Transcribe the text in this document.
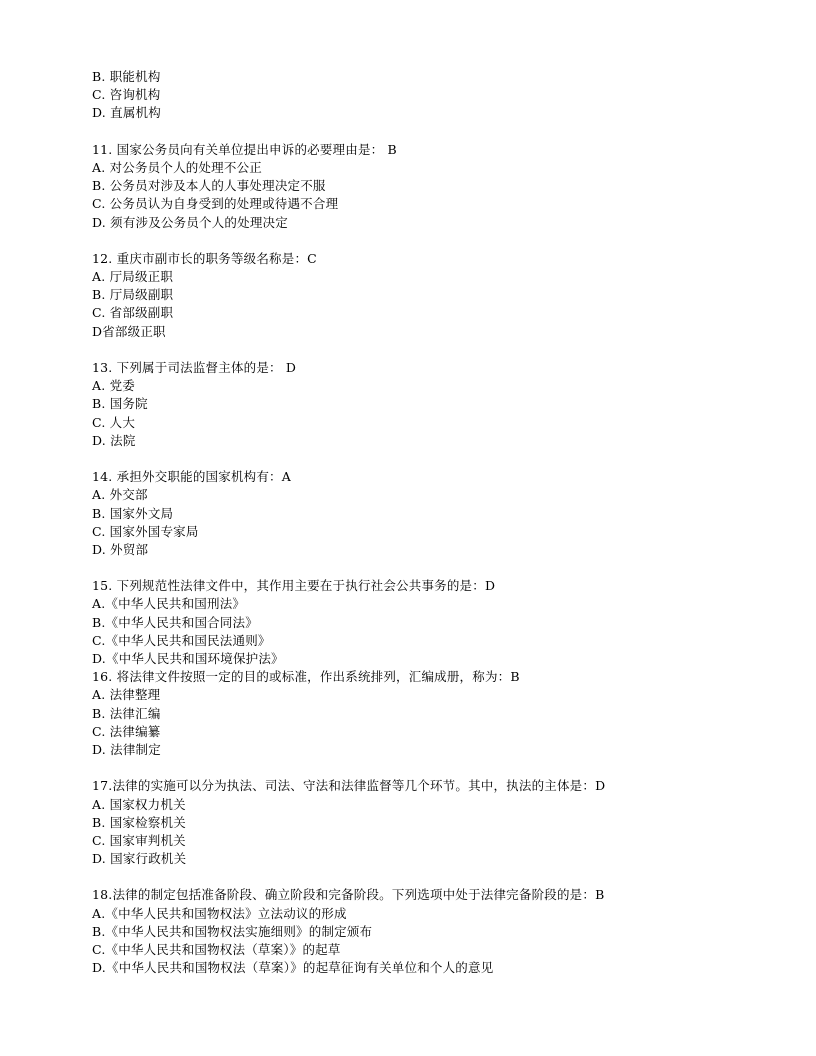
B. 职能机构
C. 咨询机构
D. 直属机构
11. 国家公务员向有关单位提出申诉的必要理由是： B
A. 对公务员个人的处理不公正
B. 公务员对涉及本人的人事处理决定不服
C. 公务员认为自身受到的处理或待遇不合理
D. 须有涉及公务员个人的处理决定
12. 重庆市副市长的职务等级名称是：C
A. 厅局级正职
B. 厅局级副职
C. 省部级副职
D省部级正职
13. 下列属于司法监督主体的是： D
A. 党委
B. 国务院
C. 人大
D. 法院
14. 承担外交职能的国家机构有：A
A. 外交部
B. 国家外文局
C. 国家外国专家局
D. 外贸部
15. 下列规范性法律文件中，其作用主要在于执行社会公共事务的是：D
A.《中华人民共和国刑法》
B.《中华人民共和国合同法》
C.《中华人民共和国民法通则》
D.《中华人民共和国环境保护法》
16. 将法律文件按照一定的目的或标准，作出系统排列，汇编成册，称为：B
A. 法律整理
B. 法律汇编
C. 法律编纂
D. 法律制定
17.法律的实施可以分为执法、司法、守法和法律监督等几个环节。其中，执法的主体是：D
A. 国家权力机关
B. 国家检察机关
C. 国家审判机关
D. 国家行政机关
18.法律的制定包括准备阶段、确立阶段和完备阶段。下列选项中处于法律完备阶段的是：B
A.《中华人民共和国物权法》立法动议的形成
B.《中华人民共和国物权法实施细则》的制定颁布
C.《中华人民共和国物权法（草案）》的起草
D.《中华人民共和国物权法（草案）》的起草征询有关单位和个人的意见
